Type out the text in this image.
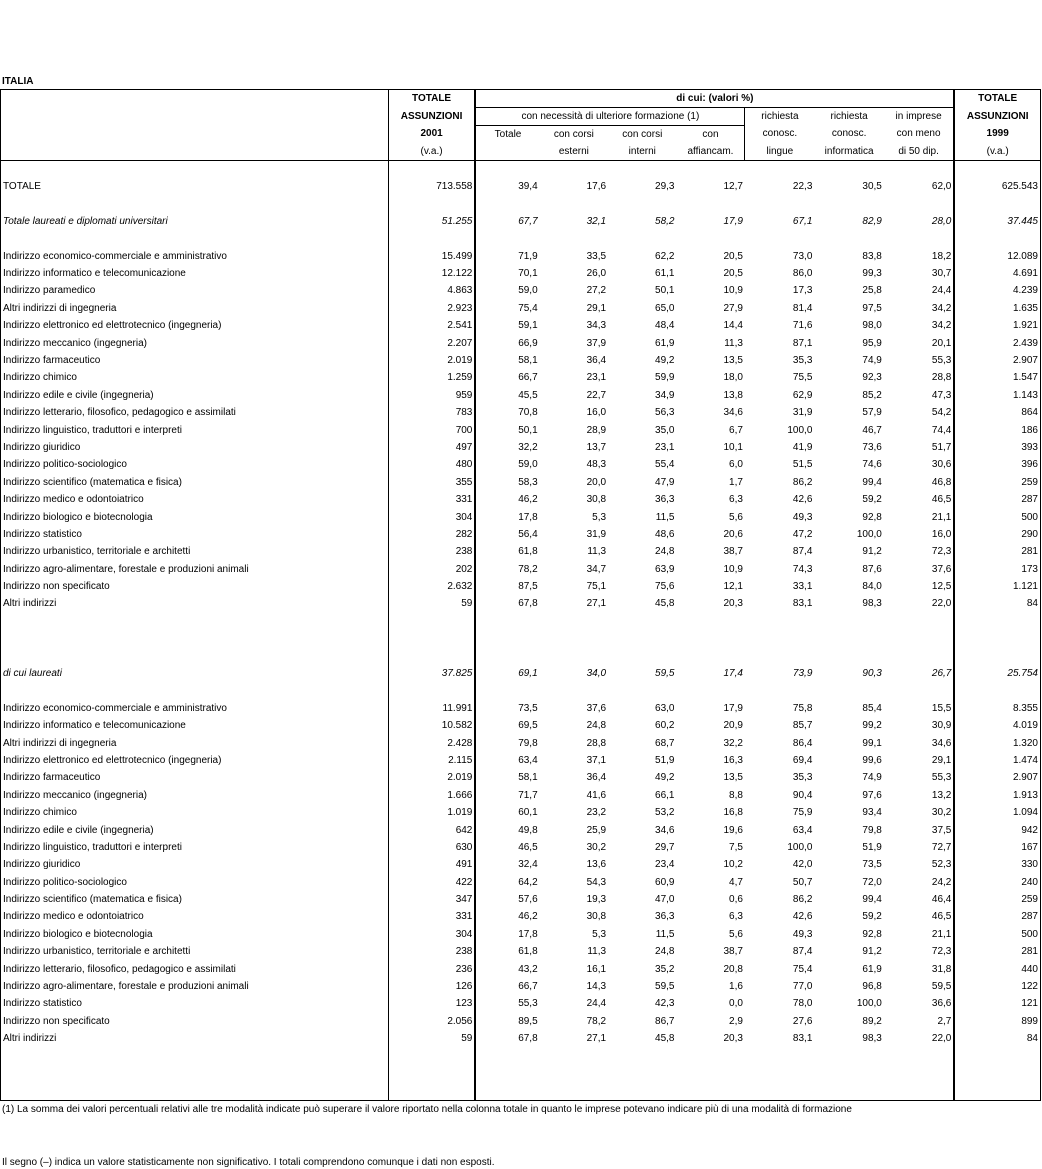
ITALIA
	TOTALE	di cui: (valori %)							TOTALE
	ASSUNZIONI	con necessità di ulteriore formazione (1)				richiesta	richiesta	in imprese	ASSUNZIONI
	2001	Totale	con corsi	con corsi	con	conosc.	conosc.	con meno	1999
	(v.a.)		esterni	interni	affiancam.	lingue	informatica	di 50 dip.	(v.a.)

TOTALE	713.558	39,4	17,6	29,3	12,7	22,3	30,5	62,0	625.543

Totale laureati e diplomati universitari	51.255	67,7	32,1	58,2	17,9	67,1	82,9	28,0	37.445

Indirizzo economico-commerciale e amministrativo	15.499	71,9	33,5	62,2	20,5	73,0	83,8	18,2	12.089
Indirizzo informatico e telecomunicazione	12.122	70,1	26,0	61,1	20,5	86,0	99,3	30,7	4.691
Indirizzo paramedico	4.863	59,0	27,2	50,1	10,9	17,3	25,8	24,4	4.239
Altri indirizzi di ingegneria	2.923	75,4	29,1	65,0	27,9	81,4	97,5	34,2	1.635
Indirizzo elettronico ed elettrotecnico (ingegneria)	2.541	59,1	34,3	48,4	14,4	71,6	98,0	34,2	1.921
Indirizzo meccanico (ingegneria)	2.207	66,9	37,9	61,9	11,3	87,1	95,9	20,1	2.439
Indirizzo farmaceutico	2.019	58,1	36,4	49,2	13,5	35,3	74,9	55,3	2.907
Indirizzo chimico	1.259	66,7	23,1	59,9	18,0	75,5	92,3	28,8	1.547
Indirizzo edile e civile (ingegneria)	959	45,5	22,7	34,9	13,8	62,9	85,2	47,3	1.143
Indirizzo letterario, filosofico, pedagogico e assimilati	783	70,8	16,0	56,3	34,6	31,9	57,9	54,2	864
Indirizzo linguistico, traduttori e interpreti	700	50,1	28,9	35,0	6,7	100,0	46,7	74,4	186
Indirizzo giuridico	497	32,2	13,7	23,1	10,1	41,9	73,6	51,7	393
Indirizzo politico-sociologico	480	59,0	48,3	55,4	6,0	51,5	74,6	30,6	396
Indirizzo scientifico (matematica e fisica)	355	58,3	20,0	47,9	1,7	86,2	99,4	46,8	259
Indirizzo medico e odontoiatrico	331	46,2	30,8	36,3	6,3	42,6	59,2	46,5	287
Indirizzo biologico e biotecnologia	304	17,8	5,3	11,5	5,6	49,3	92,8	21,1	500
Indirizzo statistico	282	56,4	31,9	48,6	20,6	47,2	100,0	16,0	290
Indirizzo urbanistico, territoriale e architetti	238	61,8	11,3	24,8	38,7	87,4	91,2	72,3	281
Indirizzo agro-alimentare, forestale e produzioni animali	202	78,2	34,7	63,9	10,9	74,3	87,6	37,6	173
Indirizzo non specificato	2.632	87,5	75,1	75,6	12,1	33,1	84,0	12,5	1.121
Altri indirizzi	59	67,8	27,1	45,8	20,3	83,1	98,3	22,0	84

di cui laureati	37.825	69,1	34,0	59,5	17,4	73,9	90,3	26,7	25.754

Indirizzo economico-commerciale e amministrativo	11.991	73,5	37,6	63,0	17,9	75,8	85,4	15,5	8.355
Indirizzo informatico e telecomunicazione	10.582	69,5	24,8	60,2	20,9	85,7	99,2	30,9	4.019
Altri indirizzi di ingegneria	2.428	79,8	28,8	68,7	32,2	86,4	99,1	34,6	1.320
Indirizzo elettronico ed elettrotecnico (ingegneria)	2.115	63,4	37,1	51,9	16,3	69,4	99,6	29,1	1.474
Indirizzo farmaceutico	2.019	58,1	36,4	49,2	13,5	35,3	74,9	55,3	2.907
Indirizzo meccanico (ingegneria)	1.666	71,7	41,6	66,1	8,8	90,4	97,6	13,2	1.913
Indirizzo chimico	1.019	60,1	23,2	53,2	16,8	75,9	93,4	30,2	1.094
Indirizzo edile e civile (ingegneria)	642	49,8	25,9	34,6	19,6	63,4	79,8	37,5	942
Indirizzo linguistico, traduttori e interpreti	630	46,5	30,2	29,7	7,5	100,0	51,9	72,7	167
Indirizzo giuridico	491	32,4	13,6	23,4	10,2	42,0	73,5	52,3	330
Indirizzo politico-sociologico	422	64,2	54,3	60,9	4,7	50,7	72,0	24,2	240
Indirizzo scientifico (matematica e fisica)	347	57,6	19,3	47,0	0,6	86,2	99,4	46,4	259
Indirizzo medico e odontoiatrico	331	46,2	30,8	36,3	6,3	42,6	59,2	46,5	287
Indirizzo biologico e biotecnologia	304	17,8	5,3	11,5	5,6	49,3	92,8	21,1	500
Indirizzo urbanistico, territoriale e architetti	238	61,8	11,3	24,8	38,7	87,4	91,2	72,3	281
Indirizzo letterario, filosofico, pedagogico e assimilati	236	43,2	16,1	35,2	20,8	75,4	61,9	31,8	440
Indirizzo agro-alimentare, forestale e produzioni animali	126	66,7	14,3	59,5	1,6	77,0	96,8	59,5	122
Indirizzo statistico	123	55,3	24,4	42,3	0,0	78,0	100,0	36,6	121
Indirizzo non specificato	2.056	89,5	78,2	86,7	2,9	27,6	89,2	2,7	899
Altri indirizzi	59	67,8	27,1	45,8	20,3	83,1	98,3	22,0	84

(1) La somma dei valori percentuali relativi alle tre modalità indicate può superare il valore riportato nella colonna totale in quanto le imprese potevano indicare più di una modalità di formazione
Il segno (–) indica un valore statisticamente non significativo. I totali comprendono comunque i dati non esposti.
